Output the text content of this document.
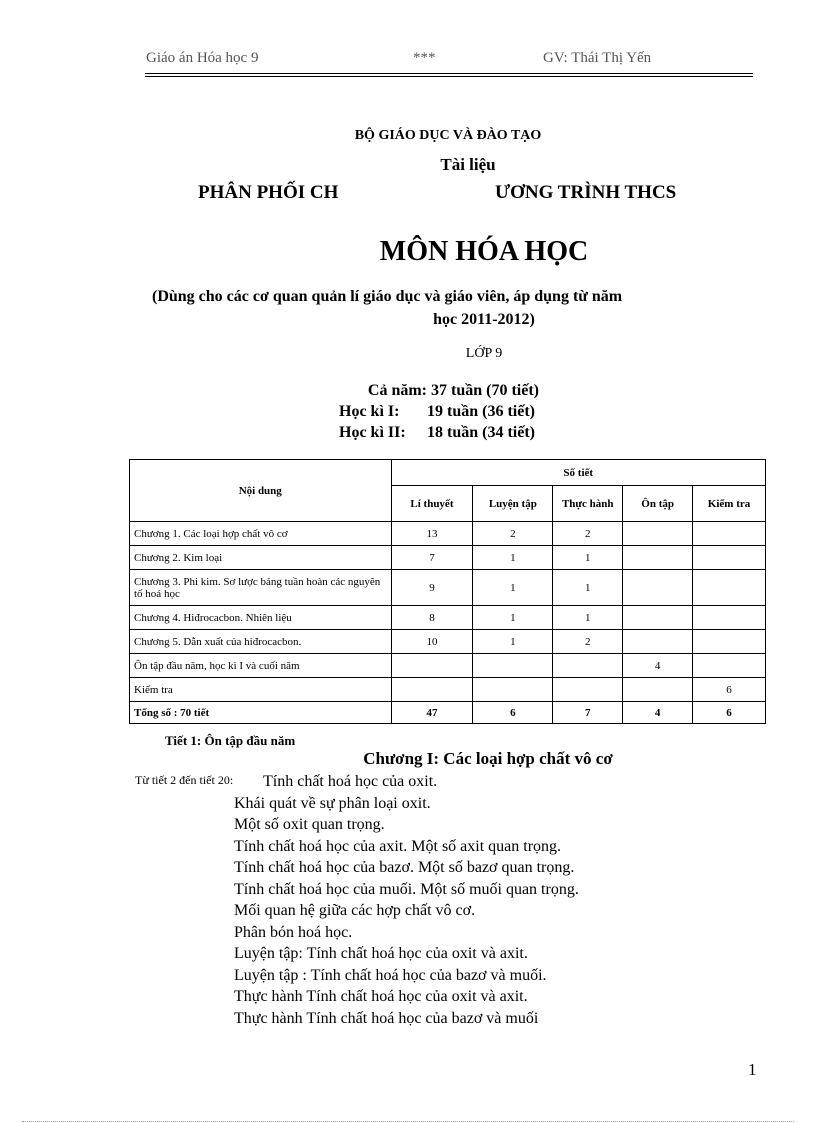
Giáo án Hóa học 9	***	GV: Thái Thị Yến
BỘ GIÁO DỤC VÀ ĐÀO TẠO
Tài liệu
PHÂN PHỐI CH	ƯƠNG TRÌNH THCS
MÔN HÓA HỌC
(Dùng cho các cơ quan quản lí giáo dục và giáo viên, áp dụng từ năm
học 2011-2012)
LỚP 9
Cả năm: 37 tuần (70 tiết)
Học kì I: 19 tuần (36 tiết)
Học kì II: 18 tuần (34 tiết)
Nội dung	Số tiết				
	Lí thuyết	Luyện tập	Thực hành	Ôn tập	Kiểm tra
Chương 1. Các loại hợp chất vô cơ	13	2	2		
Chương 2. Kim loại	7	1	1		
Chương 3. Phi kim. Sơ lược bảng tuần hoàn các nguyên tố hoá học	9	1	1		
Chương 4. Hiđrocacbon. Nhiên liệu	8	1	1		
Chương 5. Dẫn xuất của hiđrocacbon.	10	1	2		
Ôn tập đầu năm, học kì I và cuối năm				4	
Kiểm tra					6
Tổng số : 70 tiết	47	6	7	4	6
Tiết 1: Ôn tập đầu năm
Chương I: Các loại hợp chất vô cơ
Từ tiết 2 đến tiết 20: Tính chất hoá học của oxit.
Khái quát về sự phân loại oxit.
Một số oxit quan trọng.
Tính chất hoá học của axit. Một số axit quan trọng.
Tính chất hoá học của bazơ. Một số bazơ quan trọng.
Tính chất hoá học của muối. Một số muối quan trọng.
Mối quan hệ giữa các hợp chất vô cơ.
Phân bón hoá học.
Luyện tập: Tính chất hoá học của oxit và axit.
Luyện tập : Tính chất hoá học của bazơ và muối.
Thực hành Tính chất hoá học của oxit và axit.
Thực hành Tính chất hoá học của bazơ và muối
1
